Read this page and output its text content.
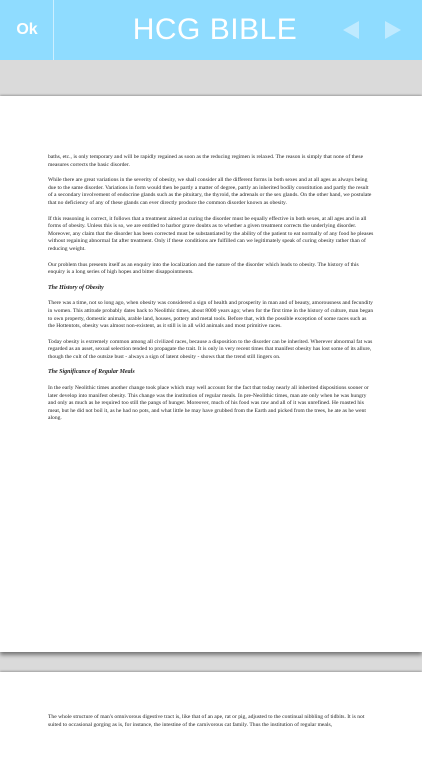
Ok	HCG BIBLE

baths, etc., is only temporary and will be rapidly regained as soon as the reducing regimen is relaxed. The reason is simply that none of these measures corrects the basic disorder.

While there are great variations in the severity of obesity, we shall consider all the different forms in both sexes and at all ages as always being due to the same disorder. Variations in form would then be partly a matter of degree, partly an inherited bodily constitution and partly the result of a secondary involvement of endocrine glands such as the pituitary, the thyroid, the adrenals or the sex glands. On the other hand, we postulate that no deficiency of any of these glands can ever directly produce the common disorder known as obesity.

If this reasoning is correct, it follows that a treatment aimed at curing the disorder must be equally effective in both sexes, at all ages and in all forms of obesity. Unless this is so, we are entitled to harbor grave doubts as to whether a given treatment corrects the underlying disorder. Moreover, any claim that the disorder has been corrected must be substantiated by the ability of the patient to eat normally of any food he pleases without regaining abnormal fat after treatment. Only if these conditions are fulfilled can we legitimately speak of curing obesity rather than of reducing weight.

Our problem thus presents itself as an enquiry into the localization and the nature of the disorder which leads to obesity. The history of this enquiry is a long series of high hopes and bitter disappointments.

The History of Obesity

There was a time, not so long ago, when obesity was considered a sign of health and prosperity in man and of beauty, amorousness and fecundity in women. This attitude probably dates back to Neolithic times, about 8000 years ago; when for the first time in the history of culture, man began to own property, domestic animals, arable land, houses, pottery and metal tools. Before that, with the possible exception of some races such as the Hottentots, obesity was almost non-existent, as it still is in all wild animals and most primitive races.

Today obesity is extremely common among all civilized races, because a disposition to the disorder can be inherited. Wherever abnormal fat was regarded as an asset, sexual selection tended to propagate the trait. It is only in very recent times that manifest obesity has lost some of its allure, though the cult of the outsize bust - always a sign of latent obesity - shows that the trend still lingers on.

The Significance of Regular Meals

In the early Neolithic times another change took place which may well account for the fact that today nearly all inherited dispositions sooner or later develop into manifest obesity. This change was the institution of regular meals. In pre-Neolithic times, man ate only when he was hungry and only as much as he required too still the pangs of hunger. Moreover, much of his food was raw and all of it was unrefined. He roasted his meat, but he did not boil it, as he had no pots, and what little he may have grubbed from the Earth and picked from the trees, he ate as he went along.

The whole structure of man's omnivorous digestive tract is, like that of an ape, rat or pig, adjusted to the continual nibbling of tidbits. It is not suited to occasional gorging as is, for instance, the intestine of the carnivorous cat family. Thus the institution of regular meals,
